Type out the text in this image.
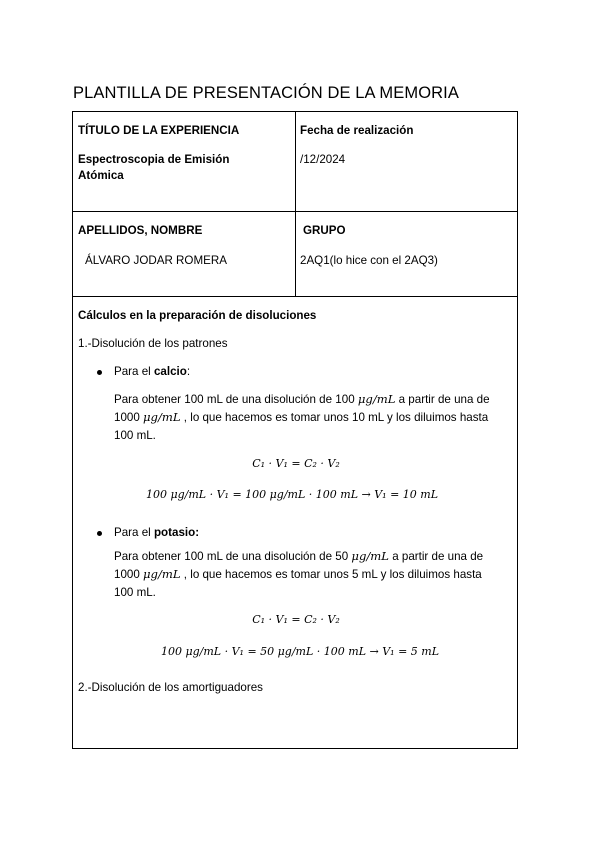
PLANTILLA DE PRESENTACIÓN DE LA MEMORIA
TÍTULO DE LA EXPERIENCIA
Espectroscopia de Emisión
Atómica
Fecha de realización
/12/2024
APELLIDOS, NOMBRE
ÁLVARO JODAR ROMERA
GRUPO
2AQ1(lo hice con el 2AQ3)
Cálculos en la preparación de disoluciones
1.-Disolución de los patrones
Para el calcio:
Para obtener 100 mL de una disolución de 100 μg/mL a partir de una de
1000 μg/mL , lo que hacemos es tomar unos 10 mL y los diluimos hasta
100 mL.
C₁ · V₁ = C₂ · V₂
100 μg/mL · V₁ = 100 μg/mL · 100 mL → V₁ = 10 mL
Para el potasio:
Para obtener 100 mL de una disolución de 50 μg/mL a partir de una de
1000 μg/mL , lo que hacemos es tomar unos 5 mL y los diluimos hasta
100 mL.
C₁ · V₁ = C₂ · V₂
100 μg/mL · V₁ = 50 μg/mL · 100 mL → V₁ = 5 mL
2.-Disolución de los amortiguadores
